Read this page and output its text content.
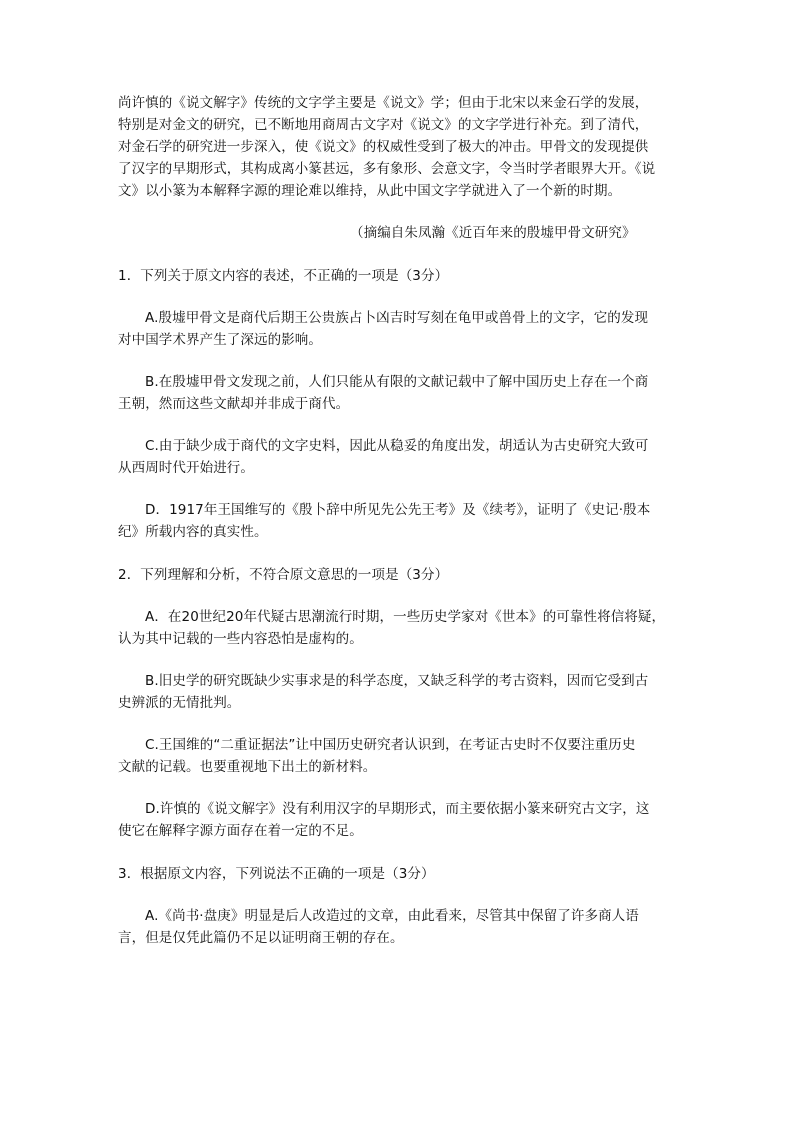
尚许慎的《说文解字》传统的文字学主要是《说文》学；但由于北宋以来金石学的发展，
特别是对金文的研究，已不断地用商周古文字对《说文》的文字学进行补充。到了清代，
对金石学的研究进一步深入，使《说文》的权威性受到了极大的冲击。甲骨文的发现提供
了汉字的早期形式，其构成离小篆甚远，多有象形、会意文字，令当时学者眼界大开。《说
文》以小篆为本解释字源的理论难以维持，从此中国文字学就进入了一个新的时期。
（摘编自朱凤瀚《近百年来的殷墟甲骨文研究》
1．下列关于原文内容的表述，不正确的一项是（3分）
A.殷墟甲骨文是商代后期王公贵族占卜凶吉时写刻在龟甲或兽骨上的文字，它的发现
对中国学术界产生了深远的影响。
B.在殷墟甲骨文发现之前，人们只能从有限的文献记载中了解中国历史上存在一个商
王朝，然而这些文献却并非成于商代。
C.由于缺少成于商代的文字史料，因此从稳妥的角度出发，胡适认为古史研究大致可
从西周时代开始进行。
D．1917年王国维写的《殷卜辞中所见先公先王考》及《续考》，证明了《史记·殷本
纪》所载内容的真实性。
2．下列理解和分析，不符合原文意思的一项是（3分）
A．在20世纪20年代疑古思潮流行时期，一些历史学家对《世本》的可靠性将信将疑，
认为其中记载的一些内容恐怕是虚构的。
B.旧史学的研究既缺少实事求是的科学态度，又缺乏科学的考古资料，因而它受到古
史辨派的无情批判。
C.王国维的“二重证据法”让中国历史研究者认识到，在考证古史时不仅要注重历史
文献的记载。也要重视地下出土的新材料。
D.许慎的《说文解字》没有利用汉字的早期形式，而主要依据小篆来研究古文字，这
使它在解释字源方面存在着一定的不足。
3．根据原文内容，下列说法不正确的一项是（3分）
A.《尚书·盘庚》明显是后人改造过的文章，由此看来，尽管其中保留了许多商人语
言，但是仅凭此篇仍不足以证明商王朝的存在。
